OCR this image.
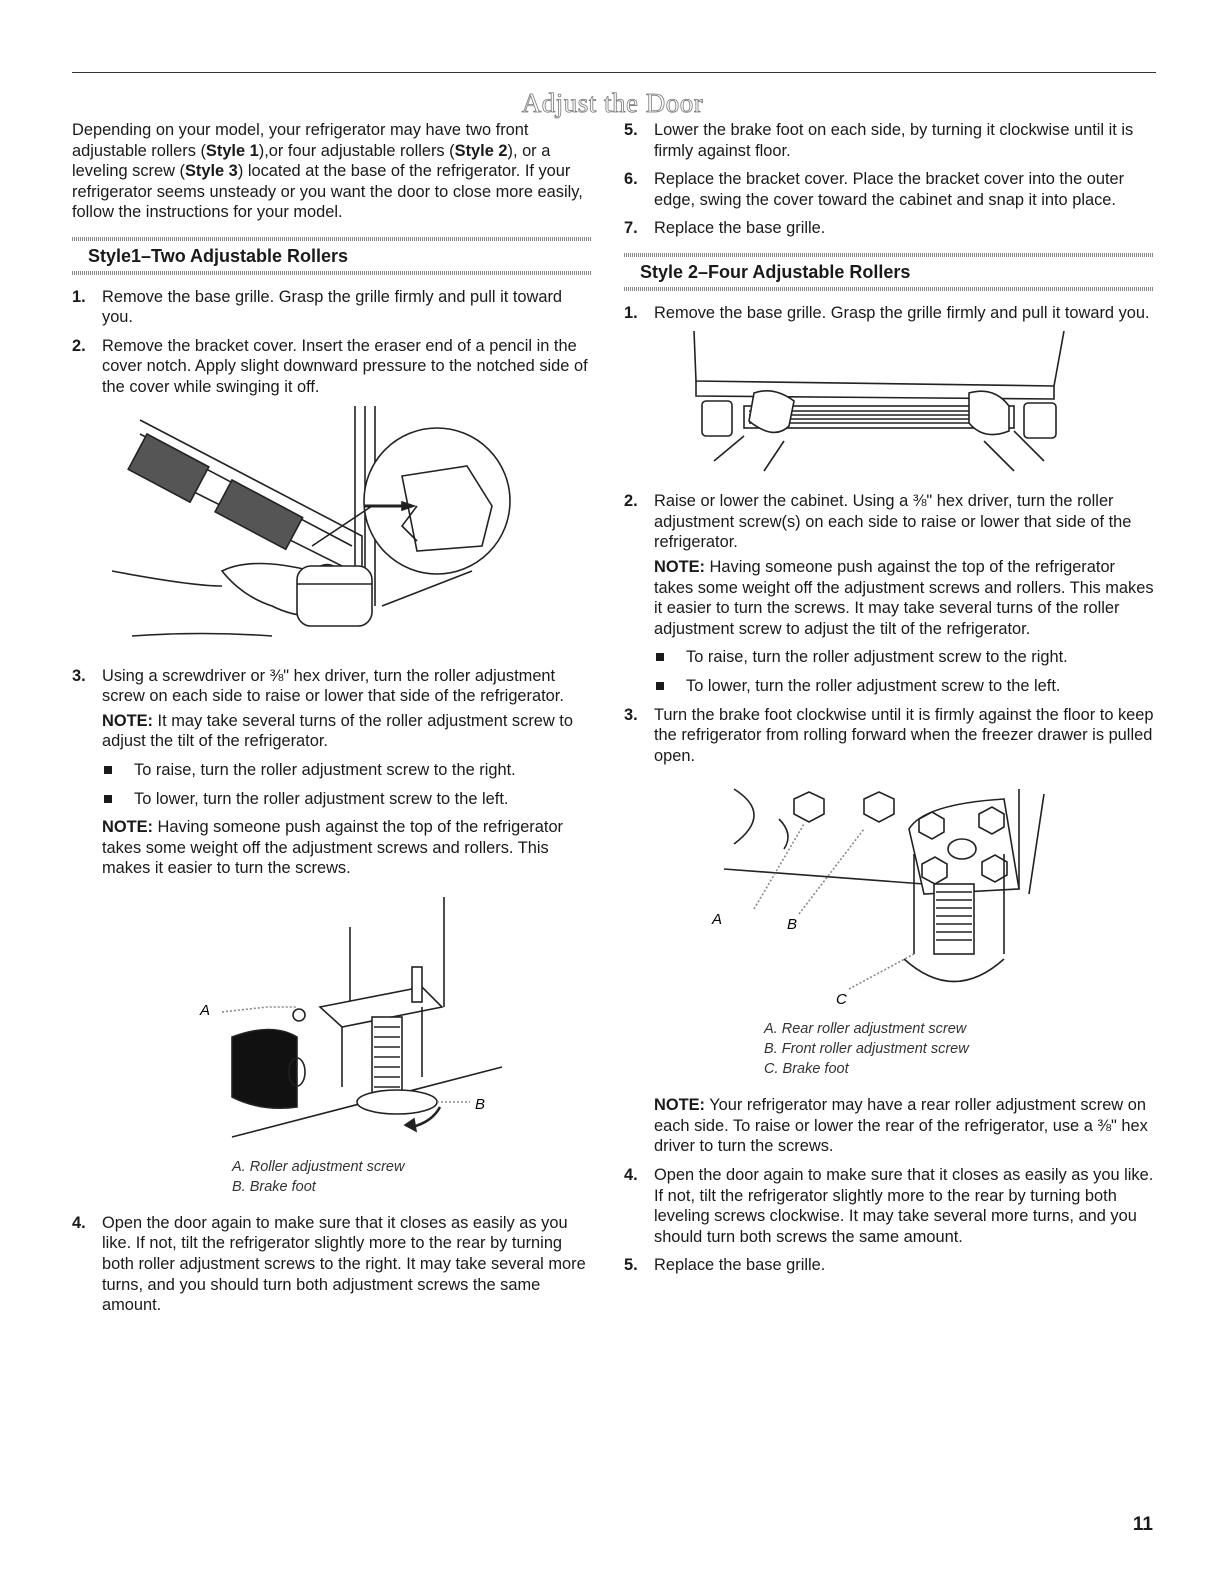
Adjust the Door

Depending on your model, your refrigerator may have two front adjustable rollers (Style 1),or four adjustable rollers (Style 2), or a leveling screw (Style 3) located at the base of the refrigerator. If your refrigerator seems unsteady or you want the door to close more easily, follow the instructions for your model.

Style1–Two Adjustable Rollers
1. Remove the base grille. Grasp the grille firmly and pull it toward you.
2. Remove the bracket cover. Insert the eraser end of a pencil in the cover notch. Apply slight downward pressure to the notched side of the cover while swinging it off.
3. Using a screwdriver or ⅜" hex driver, turn the roller adjustment screw on each side to raise or lower that side of the refrigerator.
NOTE: It may take several turns of the roller adjustment screw to adjust the tilt of the refrigerator.
To raise, turn the roller adjustment screw to the right.
To lower, turn the roller adjustment screw to the left.
NOTE: Having someone push against the top of the refrigerator takes some weight off the adjustment screws and rollers. This makes it easier to turn the screws.
A
B
A. Roller adjustment screw
B. Brake foot
4. Open the door again to make sure that it closes as easily as you like. If not, tilt the refrigerator slightly more to the rear by turning both roller adjustment screws to the right. It may take several more turns, and you should turn both adjustment screws the same amount.
5. Lower the brake foot on each side, by turning it clockwise until it is firmly against floor.
6. Replace the bracket cover. Place the bracket cover into the outer edge, swing the cover toward the cabinet and snap it into place.
7. Replace the base grille.
Style 2–Four Adjustable Rollers
1. Remove the base grille. Grasp the grille firmly and pull it toward you.
2. Raise or lower the cabinet. Using a ⅜" hex driver, turn the roller adjustment screw(s) on each side to raise or lower that side of the refrigerator.
NOTE: Having someone push against the top of the refrigerator takes some weight off the adjustment screws and rollers. This makes it easier to turn the screws. It may take several turns of the roller adjustment screw to adjust the tilt of the refrigerator.
To raise, turn the roller adjustment screw to the right.
To lower, turn the roller adjustment screw to the left.
3. Turn the brake foot clockwise until it is firmly against the floor to keep the refrigerator from rolling forward when the freezer drawer is pulled open.
A	B
C
A. Rear roller adjustment screw
B. Front roller adjustment screw
C. Brake foot
NOTE: Your refrigerator may have a rear roller adjustment screw on each side. To raise or lower the rear of the refrigerator, use a ⅜" hex driver to turn the screws.
4. Open the door again to make sure that it closes as easily as you like. If not, tilt the refrigerator slightly more to the rear by turning both leveling screws clockwise. It may take several more turns, and you should turn both screws the same amount.
5. Replace the base grille.
11
